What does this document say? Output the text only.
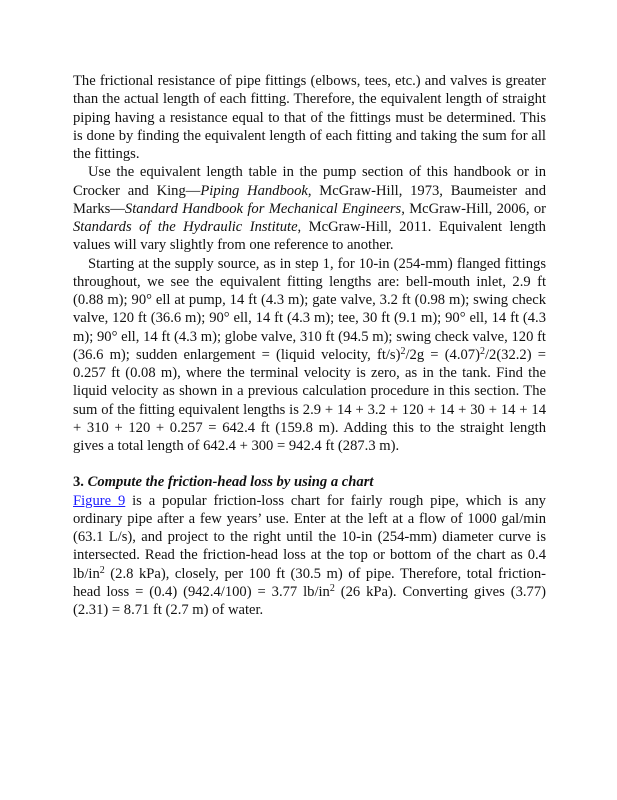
The frictional resistance of pipe fittings (elbows, tees, etc.) and valves is greater than the actual length of each fitting. Therefore, the equivalent length of straight piping having a resistance equal to that of the fittings must be determined. This is done by finding the equivalent length of each fitting and taking the sum for all the fittings.

Use the equivalent length table in the pump section of this handbook or in Crocker and King—Piping Handbook, McGraw-Hill, 1973, Baumeister and Marks—Standard Handbook for Mechanical Engineers, McGraw-Hill, 2006, or Standards of the Hydraulic Institute, McGraw-Hill, 2011. Equivalent length values will vary slightly from one reference to another.

Starting at the supply source, as in step 1, for 10-in (254-mm) flanged fittings throughout, we see the equivalent fitting lengths are: bell-mouth inlet, 2.9 ft (0.88 m); 90° ell at pump, 14 ft (4.3 m); gate valve, 3.2 ft (0.98 m); swing check valve, 120 ft (36.6 m); 90° ell, 14 ft (4.3 m); tee, 30 ft (9.1 m); 90° ell, 14 ft (4.3 m); 90° ell, 14 ft (4.3 m); globe valve, 310 ft (94.5 m); swing check valve, 120 ft (36.6 m); sudden enlargement = (liquid velocity, $ft/s)^2/2g = (4.07)^2/2(32.2) = 0.257$ ft (0.08 m), where the terminal velocity is zero, as in the tank. Find the liquid velocity as shown in a previous calculation procedure in this section. The sum of the fitting equivalent lengths is 2.9 + 14 + 3.2 + 120 + 14 + 30 + 14 + 14 + 310 + 120 + 0.257 = 642.4 ft (159.8 m). Adding this to the straight length gives a total length of 642.4 + 300 = 942.4 ft (287.3 m).

3. Compute the friction-head loss by using a chart

Figure 9 is a popular friction-loss chart for fairly rough pipe, which is any ordinary pipe after a few years’ use. Enter at the left at a flow of 1000 gal/min (63.1 L/s), and project to the right until the 10-in (254-mm) diameter curve is intersected. Read the friction-head loss at the top or bottom of the chart as 0.4 $lb/in^2$ (2.8 kPa), closely, per 100 ft (30.5 m) of pipe. Therefore, total friction-head loss = (0.4) (942.4/100) = 3.77 $lb/in^2$ (26 kPa). Converting gives (3.77)(2.31) = 8.71 ft (2.7 m) of water.
